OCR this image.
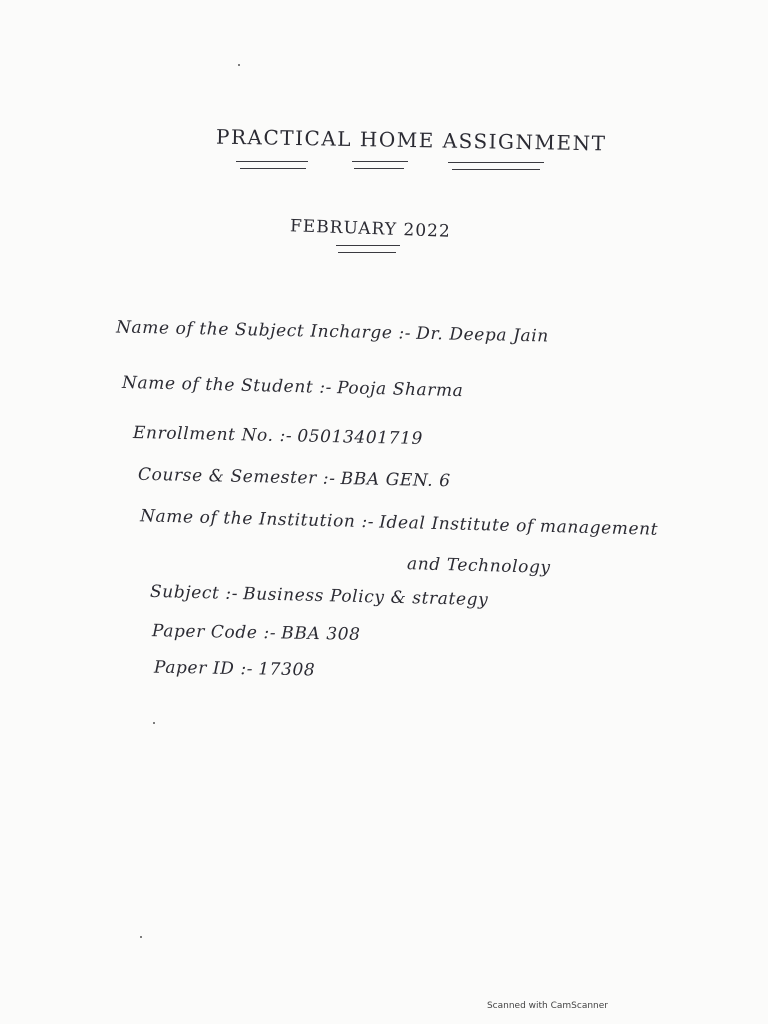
PRACTICAL HOME ASSIGNMENT
FEBRUARY 2022
Name of the Subject Incharge :- Dr. Deepa Jain
Name of the Student :- Pooja Sharma
Enrollment No. :- 05013401719
Course & Semester :- BBA GEN. 6
Name of the Institution :- Ideal Institute of management
and Technology
Subject :- Business Policy & strategy
Paper Code :- BBA 308
Paper ID :- 17308
Scanned with CamScanner
